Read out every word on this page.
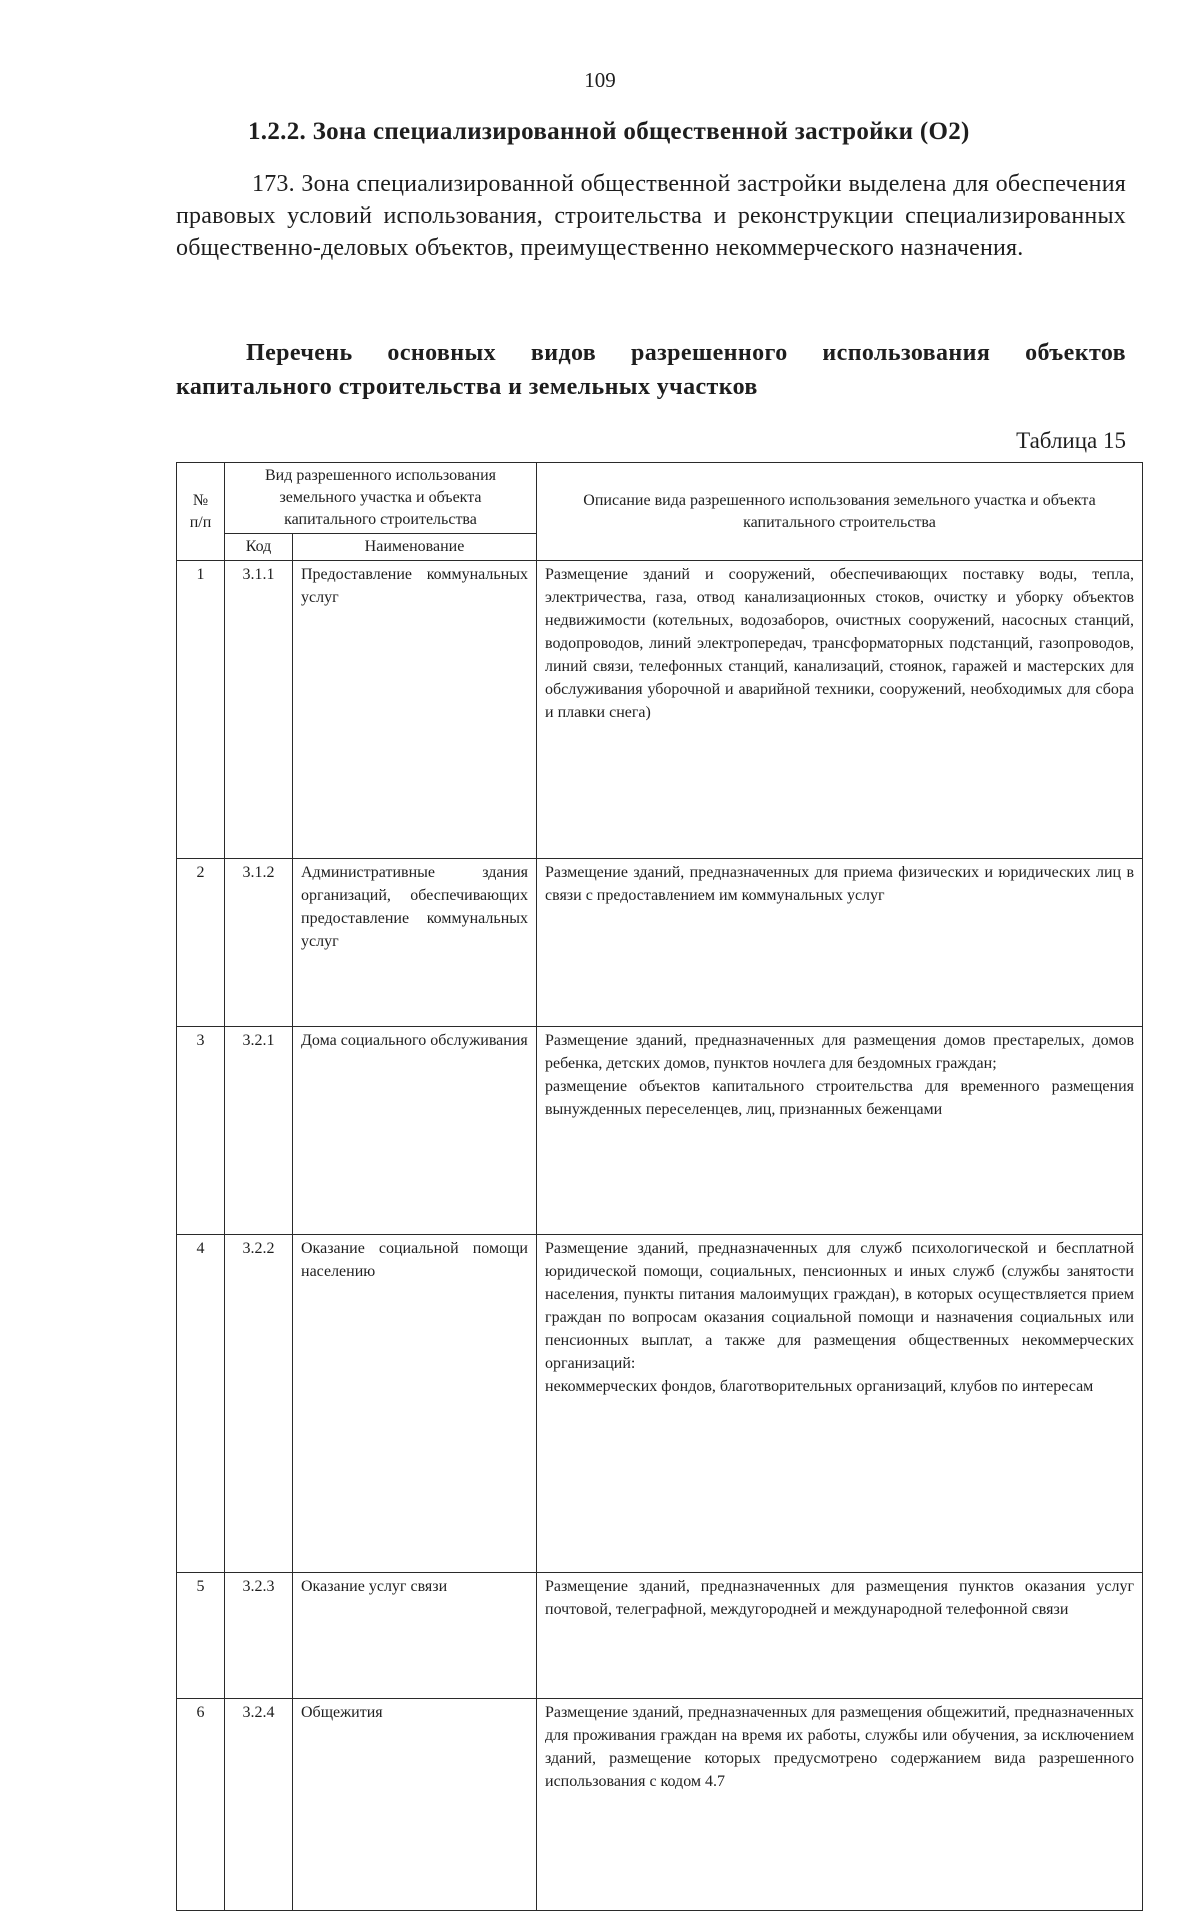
109
1.2.2. Зона специализированной общественной застройки (О2)
173. Зона специализированной общественной застройки выделена для обеспечения правовых условий использования, строительства и реконструкции специализированных общественно-деловых объектов, преимущественно некоммерческого назначения.
Перечень основных видов разрешенного использования объектов капитального строительства и земельных участков
Таблица 15
№ п/п	Вид разрешенного использования земельного участка и объекта капитального строительства		Описание вида разрешенного использования земельного участка и объекта капитального строительства
	Код	Наименование	
1	3.1.1	Предоставление коммунальных услуг	Размещение зданий и сооружений, обеспечивающих поставку воды, тепла, электричества, газа, отвод канализационных стоков, очистку и уборку объектов недвижимости (котельных, водозаборов, очистных сооружений, насосных станций, водопроводов, линий электропередач, трансформаторных подстанций, газопроводов, линий связи, телефонных станций, канализаций, стоянок, гаражей и мастерских для обслуживания уборочной и аварийной техники, сооружений, необходимых для сбора и плавки снега)

2	3.1.2	Административные здания организаций, обеспечивающих предоставление коммунальных услуг	Размещение зданий, предназначенных для приема физических и юридических лиц в связи с предоставлением им коммунальных услуг

3	3.2.1	Дома социального обслуживания	Размещение зданий, предназначенных для размещения домов престарелых, домов ребенка, детских домов, пунктов ночлега для бездомных граждан;
размещение объектов капитального строительства для временного размещения вынужденных переселенцев, лиц, признанных беженцами

4	3.2.2	Оказание социальной помощи населению	Размещение зданий, предназначенных для служб психологической и бесплатной юридической помощи, социальных, пенсионных и иных служб (службы занятости населения, пункты питания малоимущих граждан), в которых осуществляется прием граждан по вопросам оказания социальной помощи и назначения социальных или пенсионных выплат, а также для размещения общественных некоммерческих организаций:
некоммерческих фондов, благотворительных организаций, клубов по интересам

5	3.2.3	Оказание услуг связи	Размещение зданий, предназначенных для размещения пунктов оказания услуг почтовой, телеграфной, междугородней и международной телефонной связи

6	3.2.4	Общежития	Размещение зданий, предназначенных для размещения общежитий, предназначенных для проживания граждан на время их работы, службы или обучения, за исключением зданий, размещение которых предусмотрено содержанием вида разрешенного использования с кодом 4.7
